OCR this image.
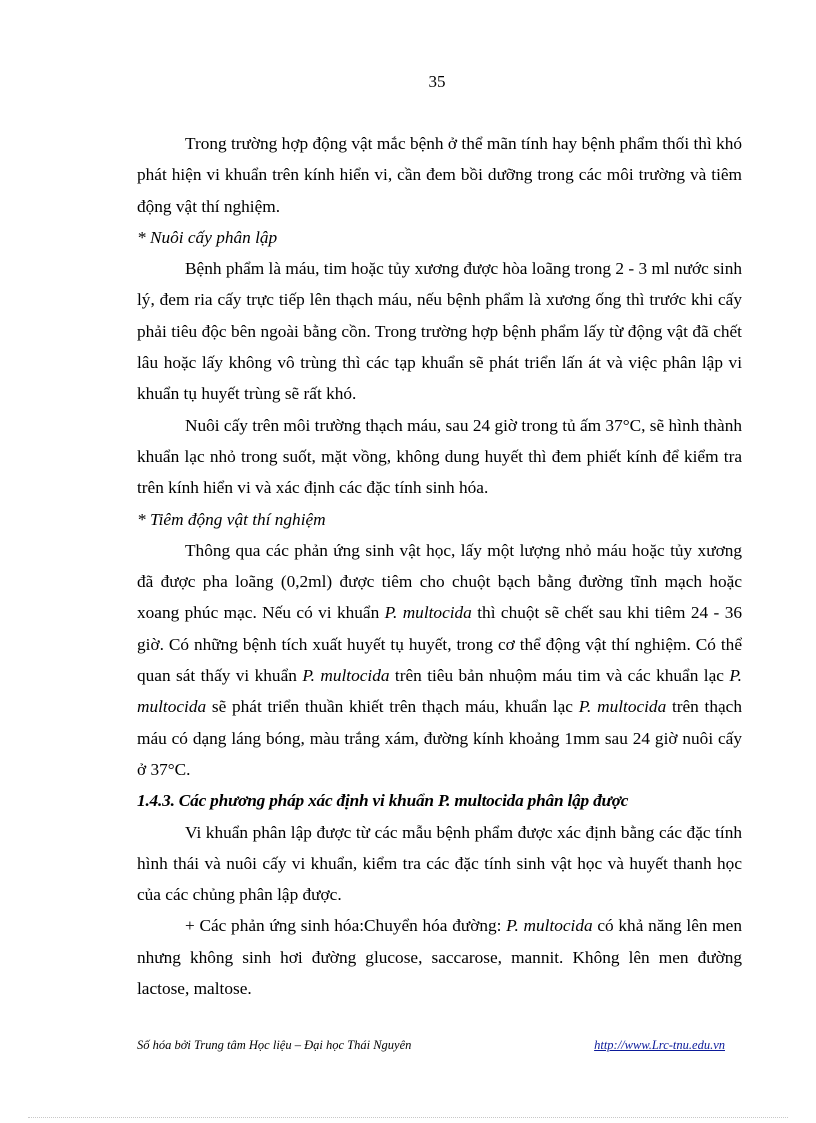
35

Trong trường hợp động vật mắc bệnh ở thể mãn tính hay bệnh phẩm thối thì khó phát hiện vi khuẩn trên kính hiển vi, cần đem bồi dưỡng trong các môi trường và tiêm động vật thí nghiệm.

* Nuôi cấy phân lập

Bệnh phẩm là máu, tim hoặc tủy xương được hòa loãng trong 2 - 3 ml nước sinh lý, đem ria cấy trực tiếp lên thạch máu, nếu bệnh phẩm là xương ống thì trước khi cấy phải tiêu độc bên ngoài bằng cồn. Trong trường hợp bệnh phẩm lấy từ động vật đã chết lâu hoặc lấy không vô trùng thì các tạp khuẩn sẽ phát triển lấn át và việc phân lập vi khuẩn tụ huyết trùng sẽ rất khó.

Nuôi cấy trên môi trường thạch máu, sau 24 giờ trong tủ ấm 37°C, sẽ hình thành khuẩn lạc nhỏ trong suốt, mặt vồng, không dung huyết thì đem phiết kính để kiểm tra trên kính hiển vi và xác định các đặc tính sinh hóa.

* Tiêm động vật thí nghiệm

Thông qua các phản ứng sinh vật học, lấy một lượng nhỏ máu hoặc tủy xương đã được pha loãng (0,2ml) được tiêm cho chuột bạch bằng đường tĩnh mạch hoặc xoang phúc mạc. Nếu có vi khuẩn P. multocida thì chuột sẽ chết sau khi tiêm 24 - 36 giờ. Có những bệnh tích xuất huyết tụ huyết, trong cơ thể động vật thí nghiệm. Có thể quan sát thấy vi khuẩn P. multocida trên tiêu bản nhuộm máu tim và các khuẩn lạc P. multocida sẽ phát triển thuần khiết trên thạch máu, khuẩn lạc P. multocida trên thạch máu có dạng láng bóng, màu trắng xám, đường kính khoảng 1mm sau 24 giờ nuôi cấy ở 37°C.

1.4.3. Các phương pháp xác định vi khuẩn P. multocida phân lập được

Vi khuẩn phân lập được từ các mẫu bệnh phẩm được xác định bằng các đặc tính hình thái và nuôi cấy vi khuẩn, kiểm tra các đặc tính sinh vật học và huyết thanh học của các chủng phân lập được.

+ Các phản ứng sinh hóa:Chuyển hóa đường: P. multocida có khả năng lên men nhưng không sinh hơi đường glucose, saccarose, mannit. Không lên men đường lactose, maltose.

Số hóa bởi Trung tâm Học liệu – Đại học Thái Nguyên	http://www.Lrc-tnu.edu.vn
